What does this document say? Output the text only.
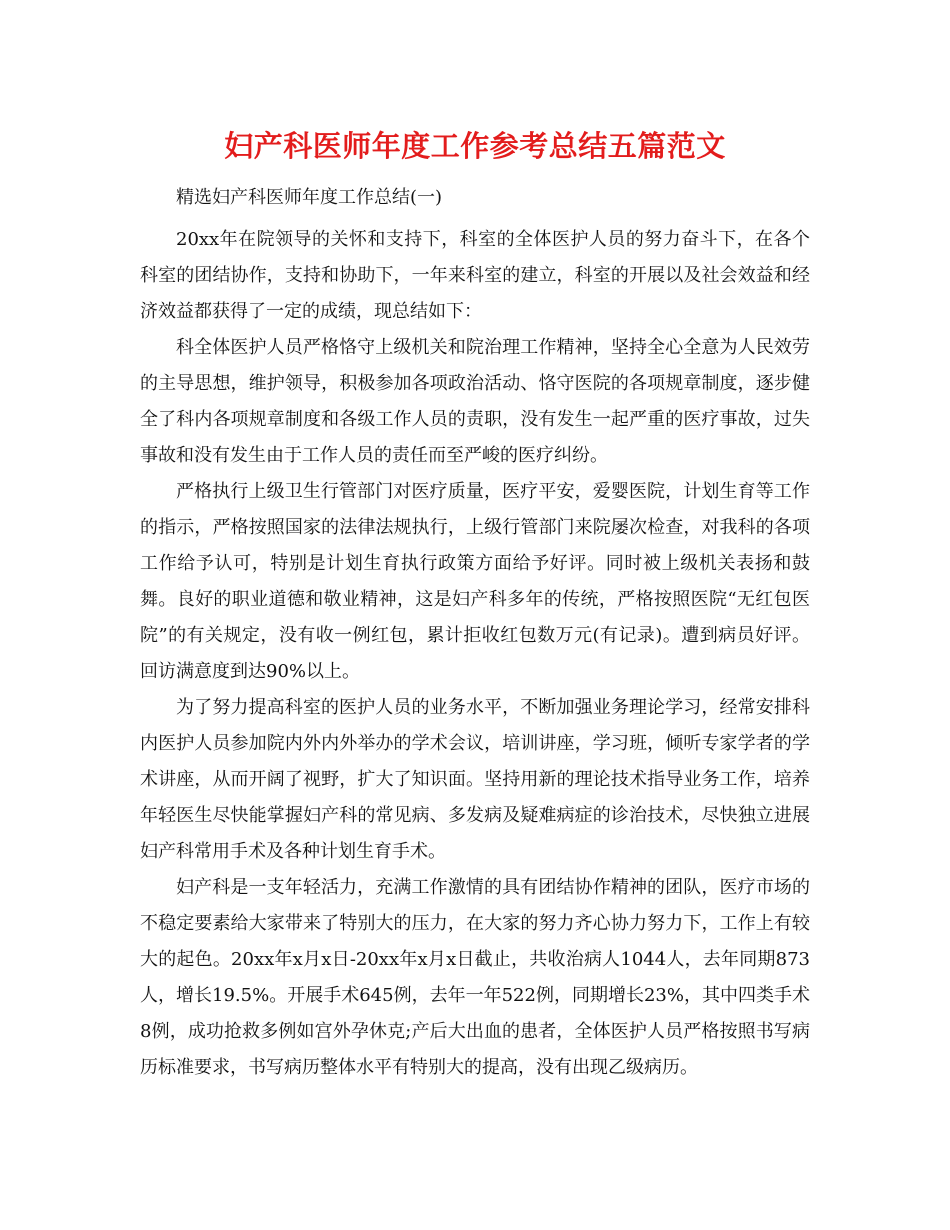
妇产科医师年度工作参考总结五篇范文

精选妇产科医师年度工作总结(一)

20xx年在院领导的关怀和支持下，科室的全体医护人员的努力奋斗下，在各个科室的团结协作，支持和协助下，一年来科室的建立，科室的开展以及社会效益和经济效益都获得了一定的成绩，现总结如下：

科全体医护人员严格恪守上级机关和院治理工作精神，坚持全心全意为人民效劳的主导思想，维护领导，积极参加各项政治活动、恪守医院的各项规章制度，逐步健全了科内各项规章制度和各级工作人员的责职，没有发生一起严重的医疗事故，过失事故和没有发生由于工作人员的责任而至严峻的医疗纠纷。

严格执行上级卫生行管部门对医疗质量，医疗平安，爱婴医院，计划生育等工作的指示，严格按照国家的法律法规执行，上级行管部门来院屡次检查，对我科的各项工作给予认可，特别是计划生育执行政策方面给予好评。同时被上级机关表扬和鼓舞。良好的职业道德和敬业精神，这是妇产科多年的传统，严格按照医院“无红包医院”的有关规定，没有收一例红包，累计拒收红包数万元(有记录)。遭到病员好评。回访满意度到达90%以上。

为了努力提高科室的医护人员的业务水平，不断加强业务理论学习，经常安排科内医护人员参加院内外内外举办的学术会议，培训讲座，学习班，倾听专家学者的学术讲座，从而开阔了视野，扩大了知识面。坚持用新的理论技术指导业务工作，培养年轻医生尽快能掌握妇产科的常见病、多发病及疑难病症的诊治技术，尽快独立进展妇产科常用手术及各种计划生育手术。

妇产科是一支年轻活力，充满工作激情的具有团结协作精神的团队，医疗市场的不稳定要素给大家带来了特别大的压力，在大家的努力齐心协力努力下，工作上有较大的起色。20xx年x月x日-20xx年x月x日截止，共收治病人1044人，去年同期873人，增长19.5%。开展手术645例，去年一年522例，同期增长23%，其中四类手术8例，成功抢救多例如宫外孕休克;产后大出血的患者，全体医护人员严格按照书写病历标准要求，书写病历整体水平有特别大的提高，没有出现乙级病历。
